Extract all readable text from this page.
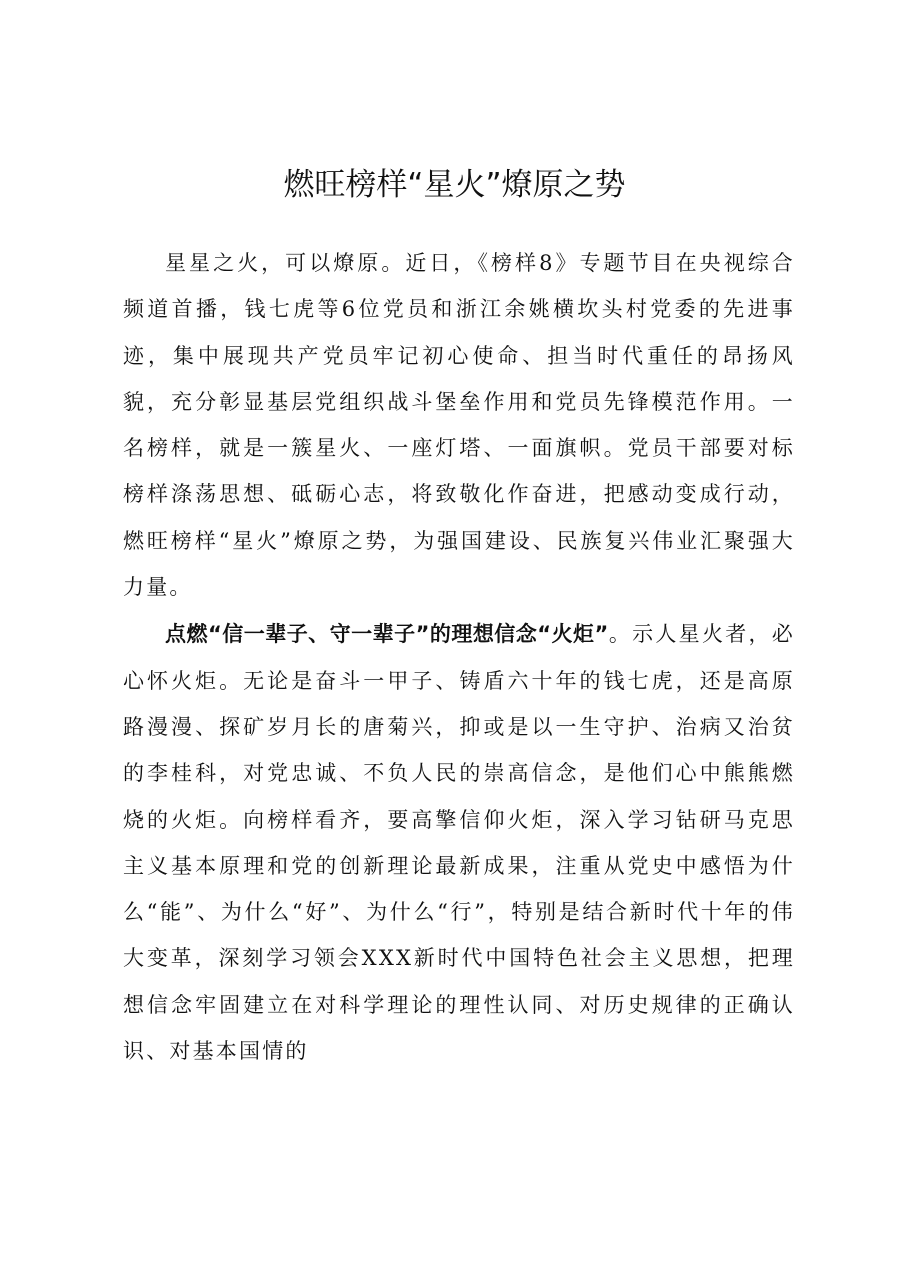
燃旺榜样“星火”燎原之势

星星之火，可以燎原。近日，《榜样8》专题节目在央视综合频道首播，钱七虎等6位党员和浙江余姚横坎头村党委的先进事迹，集中展现共产党员牢记初心使命、担当时代重任的昂扬风貌，充分彰显基层党组织战斗堡垒作用和党员先锋模范作用。一名榜样，就是一簇星火、一座灯塔、一面旗帜。党员干部要对标榜样涤荡思想、砥砺心志，将致敬化作奋进，把感动变成行动，燃旺榜样“星火”燎原之势，为强国建设、民族复兴伟业汇聚强大力量。

点燃“信一辈子、守一辈子”的理想信念“火炬”。示人星火者，必心怀火炬。无论是奋斗一甲子、铸盾六十年的钱七虎，还是高原路漫漫、探矿岁月长的唐菊兴，抑或是以一生守护、治病又治贫的李桂科，对党忠诚、不负人民的崇高信念，是他们心中熊熊燃烧的火炬。向榜样看齐，要高擎信仰火炬，深入学习钻研马克思主义基本原理和党的创新理论最新成果，注重从党史中感悟为什么“能”、为什么“好”、为什么“行”，特别是结合新时代十年的伟大变革，深刻学习领会XXX新时代中国特色社会主义思想，把理想信念牢固建立在对科学理论的理性认同、对历史规律的正确认识、对基本国情的
